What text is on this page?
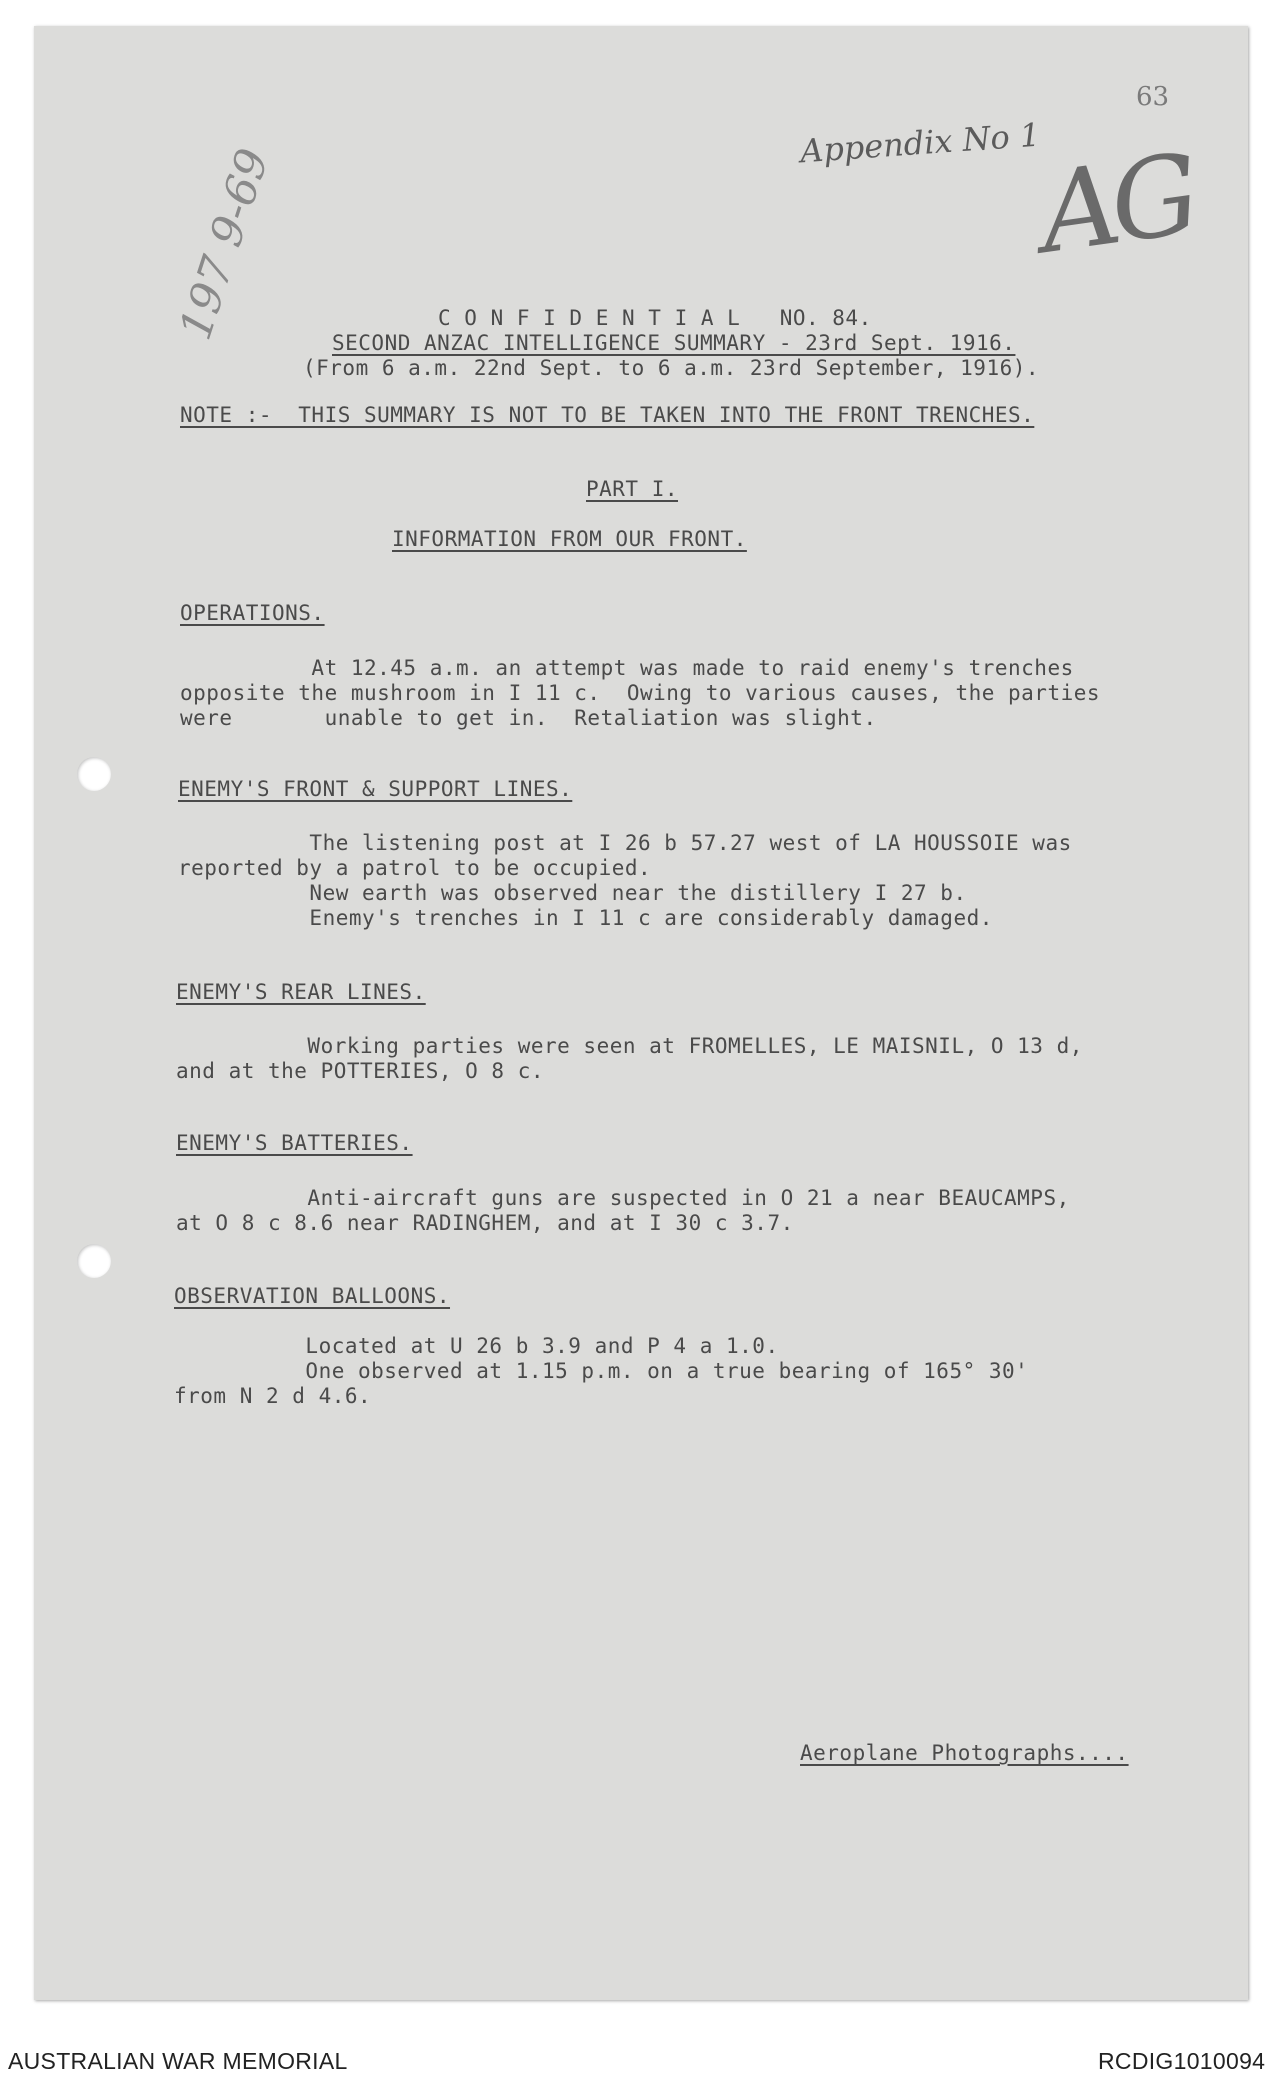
63
Appendix No 1
AG
197 9-69	C O N F I D E N T I A L   NO. 84.
SECOND ANZAC INTELLIGENCE SUMMARY - 23rd Sept. 1916.
(From 6 a.m. 22nd Sept. to 6 a.m. 23rd September, 1916).
NOTE :-  THIS SUMMARY IS NOT TO BE TAKEN INTO THE FRONT TRENCHES.
PART I.
INFORMATION FROM OUR FRONT.
OPERATIONS.
At 12.45 a.m. an attempt was made to raid enemy's trenches
opposite the mushroom in I 11 c.  Owing to various causes, the parties
were       unable to get in.  Retaliation was slight.
ENEMY'S FRONT & SUPPORT LINES.
The listening post at I 26 b 57.27 west of LA HOUSSOIE was
reported by a patrol to be occupied.
New earth was observed near the distillery I 27 b.
Enemy's trenches in I 11 c are considerably damaged.
ENEMY'S REAR LINES.
Working parties were seen at FROMELLES, LE MAISNIL, O 13 d,
and at the POTTERIES, O 8 c.
ENEMY'S BATTERIES.
Anti-aircraft guns are suspected in O 21 a near BEAUCAMPS,
at O 8 c 8.6 near RADINGHEM, and at I 30 c 3.7.
OBSERVATION BALLOONS.
Located at U 26 b 3.9 and P 4 a 1.0.
One observed at 1.15 p.m. on a true bearing of 165° 30'
from N 2 d 4.6.
Aeroplane Photographs....
AUSTRALIAN WAR MEMORIAL	RCDIG1010094
